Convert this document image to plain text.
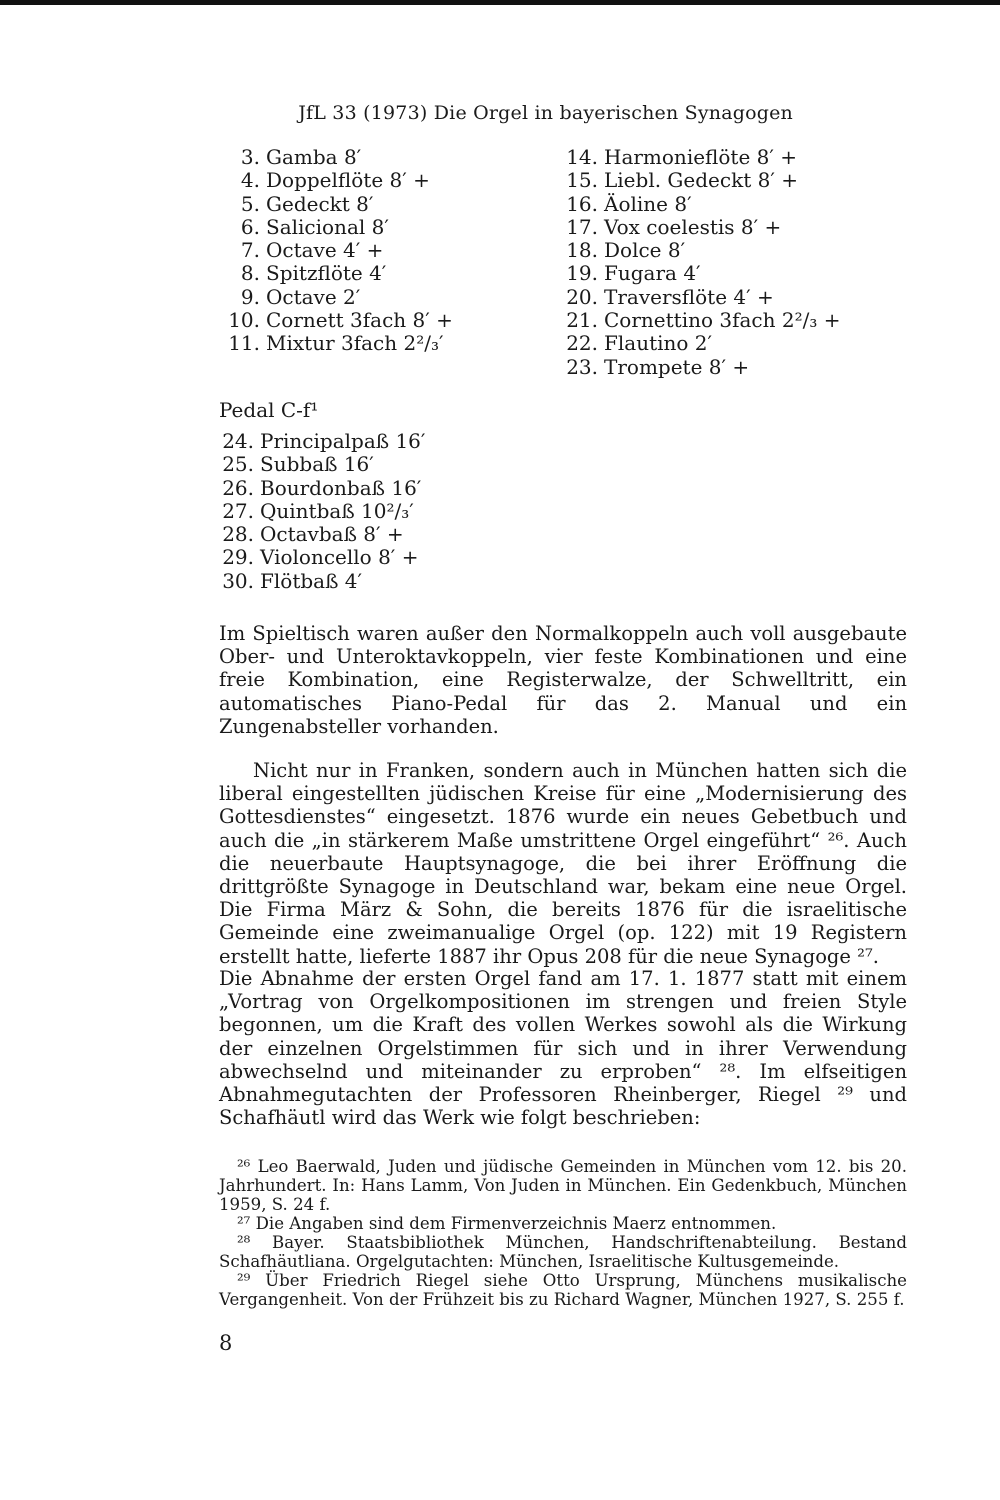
JfL 33 (1973) Die Orgel in bayerischen Synagogen
3. Gamba 8′
4. Doppelflöte 8′ +
5. Gedeckt 8′
6. Salicional 8′
7. Octave 4′ +
8. Spitzflöte 4′
9. Octave 2′
10. Cornett 3fach 8′ +
11. Mixtur 3fach 2²/₃′
14. Harmonieflöte 8′ +
15. Liebl. Gedeckt 8′ +
16. Äoline 8′
17. Vox coelestis 8′ +
18. Dolce 8′
19. Fugara 4′
20. Traversflöte 4′ +
21. Cornettino 3fach 2²/₃ +
22. Flautino 2′
23. Trompete 8′ +
Pedal C-f¹
24. Principalpaß 16′
25. Subbaß 16′
26. Bourdonbaß 16′
27. Quintbaß 10²/₃′
28. Octavbaß 8′ +
29. Violoncello 8′ +
30. Flötbaß 4′

Im Spieltisch waren außer den Normalkoppeln auch voll ausgebaute Ober- und Unteroktavkoppeln, vier feste Kombinationen und eine freie Kombination, eine Registerwalze, der Schwelltritt, ein automatisches Piano-Pedal für das 2. Manual und ein Zungenabsteller vorhanden.

Nicht nur in Franken, sondern auch in München hatten sich die liberal eingestellten jüdischen Kreise für eine „Modernisierung des Gottesdienstes“ eingesetzt. 1876 wurde ein neues Gebetbuch und auch die „in stärkerem Maße umstrittene Orgel eingeführt“ ²⁶. Auch die neuerbaute Hauptsynagoge, die bei ihrer Eröffnung die drittgrößte Synagoge in Deutschland war, bekam eine neue Orgel. Die Firma März & Sohn, die bereits 1876 für die israelitische Gemeinde eine zweimanualige Orgel (op. 122) mit 19 Registern erstellt hatte, lieferte 1887 ihr Opus 208 für die neue Synagoge ²⁷.

Die Abnahme der ersten Orgel fand am 17. 1. 1877 statt mit einem „Vortrag von Orgelkompositionen im strengen und freien Style begonnen, um die Kraft des vollen Werkes sowohl als die Wirkung der einzelnen Orgelstimmen für sich und in ihrer Verwendung abwechselnd und miteinander zu erproben“ ²⁸. Im elfseitigen Abnahmegutachten der Professoren Rheinberger, Riegel ²⁹ und Schafhäutl wird das Werk wie folgt beschrieben:

²⁶ Leo Baerwald, Juden und jüdische Gemeinden in München vom 12. bis 20. Jahrhundert. In: Hans Lamm, Von Juden in München. Ein Gedenkbuch, München 1959, S. 24 f.

²⁷ Die Angaben sind dem Firmenverzeichnis Maerz entnommen.

²⁸ Bayer. Staatsbibliothek München, Handschriftenabteilung. Bestand Schafhäutliana. Orgelgutachten: München, Israelitische Kultusgemeinde.

²⁹ Über Friedrich Riegel siehe Otto Ursprung, Münchens musikalische Vergangenheit. Von der Frühzeit bis zu Richard Wagner, München 1927, S. 255 f.

8
